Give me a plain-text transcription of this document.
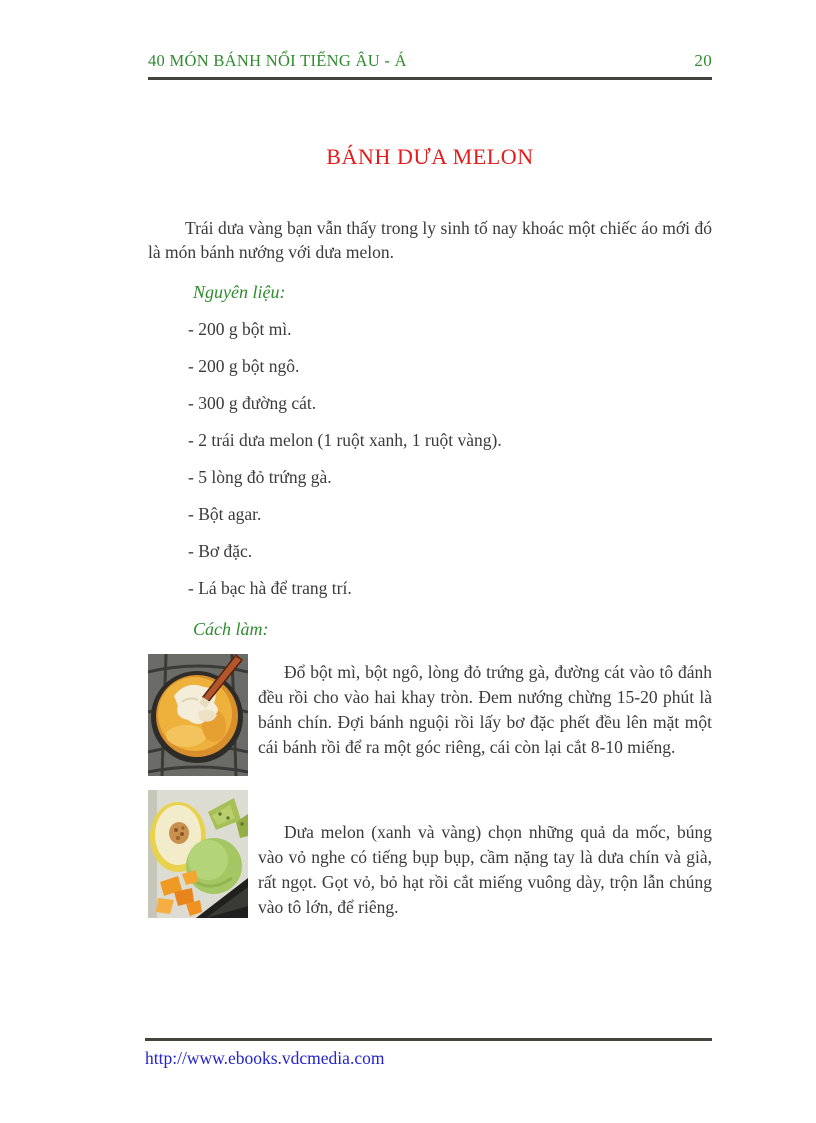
40 MÓN BÁNH NỔI TIẾNG ÂU - Á	20
BÁNH DƯA MELON

Trái dưa vàng bạn vẫn thấy trong ly sinh tố nay khoác một chiếc áo mới đó là món bánh nướng với dưa melon.

Nguyên liệu:

- 200 g bột mì.

- 200 g bột ngô.

- 300 g đường cát.

- 2 trái dưa melon (1 ruột xanh, 1 ruột vàng).

- 5 lòng đỏ trứng gà.

- Bột agar.

- Bơ đặc.

- Lá bạc hà để trang trí.

Cách làm:

Đổ bột mì, bột ngô, lòng đỏ trứng gà, đường cát vào tô đánh đều rồi cho vào hai khay tròn. Đem nướng chừng 15-20 phút là bánh chín. Đợi bánh nguội rồi lấy bơ đặc phết đều lên mặt một cái bánh rồi để ra một góc riêng, cái còn lại cắt 8-10 miếng.

Dưa melon (xanh và vàng) chọn những quả da mốc, búng vào vỏ nghe có tiếng bụp bụp, cầm nặng tay là dưa chín và già, rất ngọt. Gọt vỏ, bỏ hạt rồi cắt miếng vuông dày, trộn lẫn chúng vào tô lớn, để riêng.

http://www.ebooks.vdcmedia.com
